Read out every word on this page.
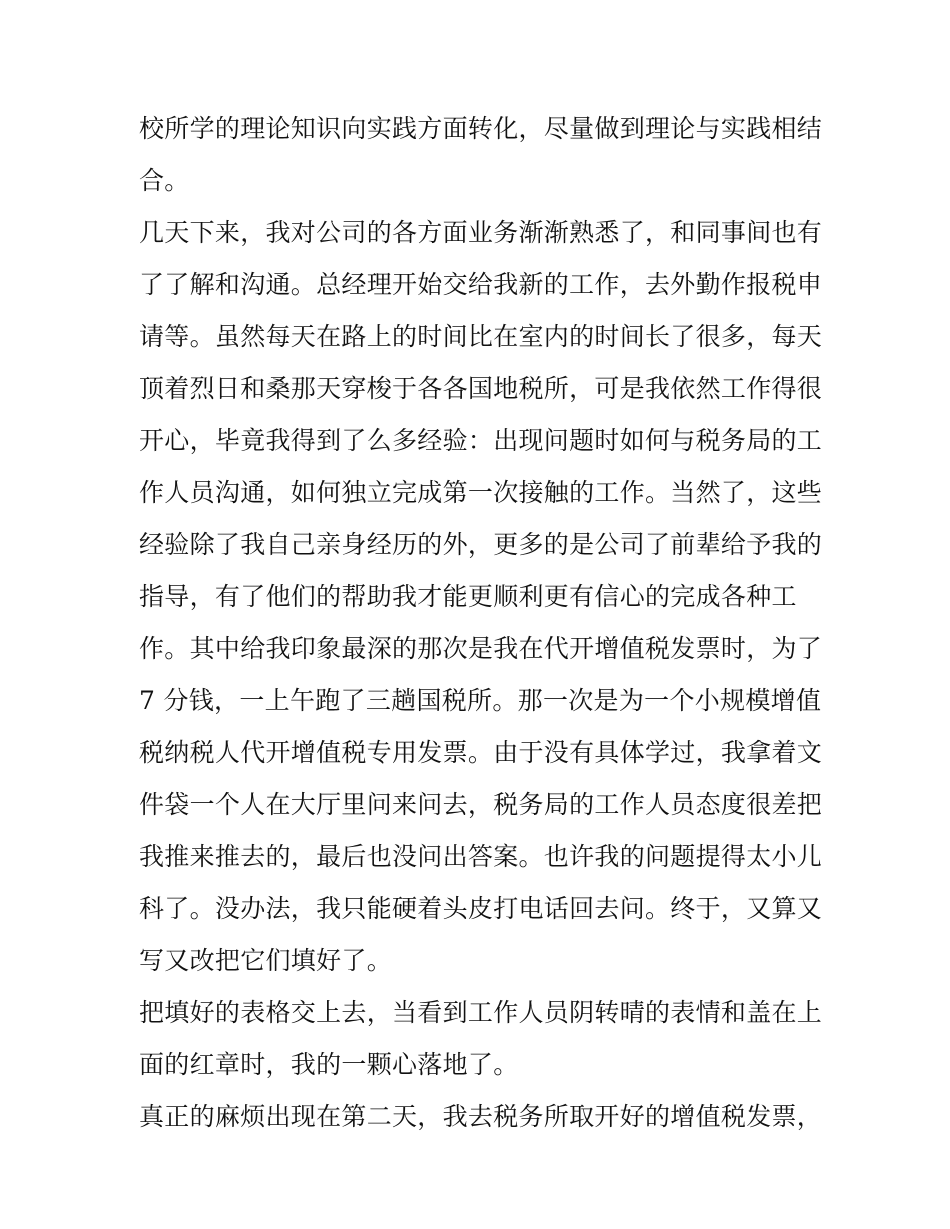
校所学的理论知识向实践方面转化，尽量做到理论与实践相结
合。
几天下来，我对公司的各方面业务渐渐熟悉了，和同事间也有
了了解和沟通。总经理开始交给我新的工作，去外勤作报税申
请等。虽然每天在路上的时间比在室内的时间长了很多，每天
顶着烈日和桑那天穿梭于各各国地税所，可是我依然工作得很
开心，毕竟我得到了么多经验：出现问题时如何与税务局的工
作人员沟通，如何独立完成第一次接触的工作。当然了，这些
经验除了我自己亲身经历的外，更多的是公司了前辈给予我的
指导，有了他们的帮助我才能更顺利更有信心的完成各种工
作。其中给我印象最深的那次是我在代开增值税发票时，为了
7 分钱，一上午跑了三趟国税所。那一次是为一个小规模增值
税纳税人代开增值税专用发票。由于没有具体学过，我拿着文
件袋一个人在大厅里问来问去，税务局的工作人员态度很差把
我推来推去的，最后也没问出答案。也许我的问题提得太小儿
科了。没办法，我只能硬着头皮打电话回去问。终于，又算又
写又改把它们填好了。
把填好的表格交上去，当看到工作人员阴转晴的表情和盖在上
面的红章时，我的一颗心落地了。
真正的麻烦出现在第二天，我去税务所取开好的增值税发票，
